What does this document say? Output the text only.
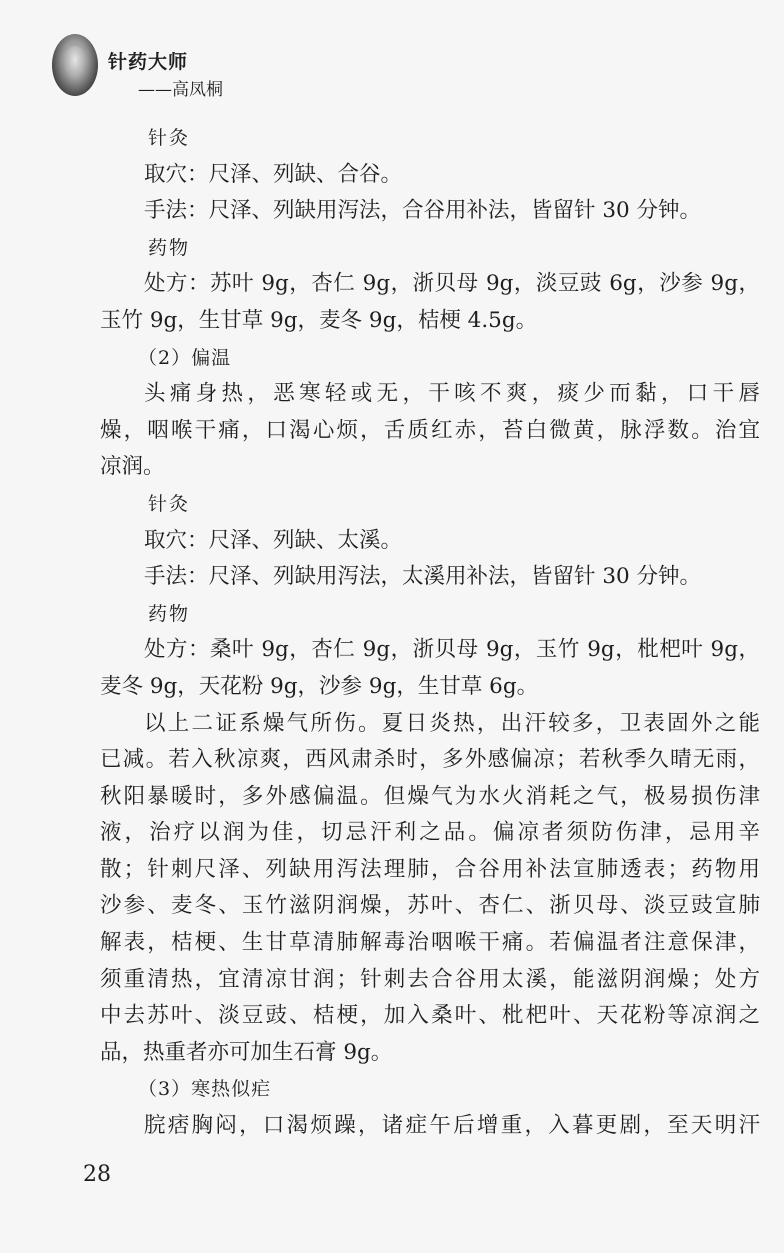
针药大师
——高凤桐
针灸
取穴：尺泽、列缺、合谷。
手法：尺泽、列缺用泻法，合谷用补法，皆留针 30 分钟。
药物
处方：苏叶 9g，杏仁 9g，浙贝母 9g，淡豆豉 6g，沙参 9g，
玉竹 9g，生甘草 9g，麦冬 9g，桔梗 4.5g。
（2）偏温
头痛身热，恶寒轻或无，干咳不爽，痰少而黏，口干唇
燥，咽喉干痛，口渴心烦，舌质红赤，苔白微黄，脉浮数。治宜
凉润。
针灸
取穴：尺泽、列缺、太溪。
手法：尺泽、列缺用泻法，太溪用补法，皆留针 30 分钟。
药物
处方：桑叶 9g，杏仁 9g，浙贝母 9g，玉竹 9g，枇杷叶 9g，
麦冬 9g，天花粉 9g，沙参 9g，生甘草 6g。
以上二证系燥气所伤。夏日炎热，出汗较多，卫表固外之能
已减。若入秋凉爽，西风肃杀时，多外感偏凉；若秋季久晴无雨，
秋阳暴暖时，多外感偏温。但燥气为水火消耗之气，极易损伤津
液，治疗以润为佳，切忌汗利之品。偏凉者须防伤津，忌用辛
散；针刺尺泽、列缺用泻法理肺，合谷用补法宣肺透表；药物用
沙参、麦冬、玉竹滋阴润燥，苏叶、杏仁、浙贝母、淡豆豉宣肺
解表，桔梗、生甘草清肺解毒治咽喉干痛。若偏温者注意保津，
须重清热，宜清凉甘润；针刺去合谷用太溪，能滋阴润燥；处方
中去苏叶、淡豆豉、桔梗，加入桑叶、枇杷叶、天花粉等凉润之
品，热重者亦可加生石膏 9g。
（3）寒热似疟
脘痞胸闷，口渴烦躁，诸症午后增重，入暮更剧，至天明汗
28
